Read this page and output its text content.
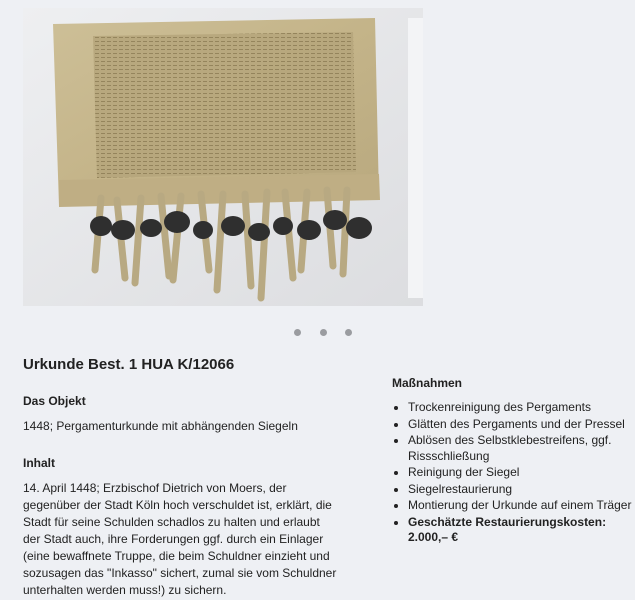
Urkunde Best. 1 HUA K/12066
Das Objekt
1448; Pergamenturkunde mit abhängenden Siegeln
Inhalt
14. April 1448; Erzbischof Dietrich von Moers, der
gegenüber der Stadt Köln hoch verschuldet ist, erklärt, die
Stadt für seine Schulden schadlos zu halten und erlaubt
der Stadt auch, ihre Forderungen ggf. durch ein Einlager
(eine bewaffnete Truppe, die beim Schuldner einzieht und
sozusagen das "Inkasso" sichert, zumal sie vom Schuldner
unterhalten werden muss!) zu sichern.
Maßnahmen
• Trockenreinigung des Pergaments
• Glätten des Pergaments und der Pressel
• Ablösen des Selbstklebestreifens, ggf. Rissschließung
• Reinigung der Siegel
• Siegelrestaurierung
• Montierung der Urkunde auf einem Träger
• Geschätzte Restaurierungskosten: 2.000,– €
